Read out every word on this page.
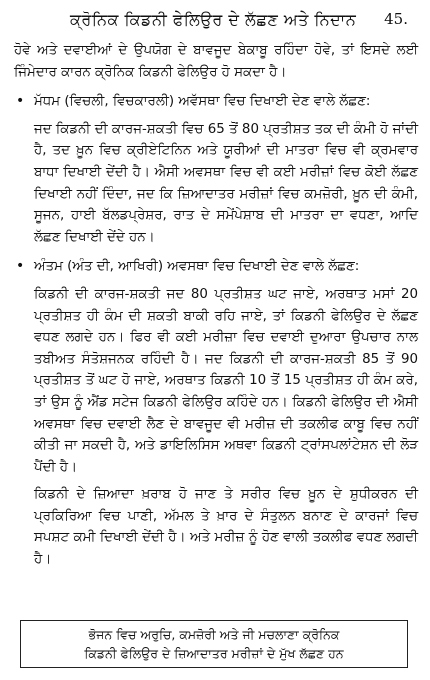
ਕ੍ਰੋਨਿਕ ਕਿਡਨੀ ਫੇਲਿਉਰ ਦੇ ਲੱਛਣ ਅਤੇ ਨਿਦਾਨ 45.

ਹੋਵੇ ਅਤੇ ਦਵਾਈਆਂ ਦੇ ਉਪਯੋਗ ਦੇ ਬਾਵਜੂਦ ਬੇਕਾਬੂ ਰਹਿੰਦਾ ਹੋਵੇ, ਤਾਂ ਇਸਦੇ ਲਈ ਜਿੰਮੇਦਾਰ ਕਾਰਨ ਕ੍ਰੋਨਿਕ ਕਿਡਨੀ ਫੇਲਿਉਰ ਹੋ ਸਕਦਾ ਹੈ।

• ਮੱਧਮ (ਵਿਚਲੀ, ਵਿਚਕਾਰਲੀ) ਅਵੱਸਥਾ ਵਿਚ ਦਿਖਾਈ ਦੇਣ ਵਾਲੇ ਲੱਛਣ:

ਜਦ ਕਿਡਨੀ ਦੀ ਕਾਰਜ-ਸ਼ਕਤੀ ਵਿਚ 65 ਤੋਂ 80 ਪ੍ਰਤੀਸ਼ਤ ਤਕ ਦੀ ਕੰਮੀ ਹੋ ਜਾਂਦੀ ਹੈ, ਤਦ ਖ਼ੂਨ ਵਿਚ ਕ੍ਰੀਏਟਿਨਿਨ ਅਤੇ ਯੂਰੀਆਂ ਦੀ ਮਾਤਰਾ ਵਿਚ ਵੀ ਕ੍ਰਮਵਾਰ ਬਾਧਾ ਦਿਖਾਈ ਦੇਂਦੀ ਹੈ। ਐਸੀ ਅਵਸਥਾ ਵਿਚ ਵੀ ਕਈ ਮਰੀਜ਼ਾਂ ਵਿਚ ਕੋਈ ਲੱਛਣ ਦਿਖਾਈ ਨਹੀਂ ਦਿੰਦਾ, ਜਦ ਕਿ ਜ਼ਿਆਦਾਤਰ ਮਰੀਜ਼ਾਂ ਵਿਚ ਕਮਜ਼ੋਰੀ, ਖ਼ੂਨ ਦੀ ਕੰਮੀ, ਸੂਜਨ, ਹਾਈ ਬੱਲਡਪ੍ਰੇਸ਼ਰ, ਰਾਤ ਦੇ ਸਮੇਂਪੇਸ਼ਾਬ ਦੀ ਮਾਤਰਾ ਦਾ ਵਧਣਾ, ਆਦਿ ਲੱਛਣ ਦਿਖਾਈ ਦੇਂਦੇ ਹਨ।

• ਅੰਤਮ (ਅੰਤ ਦੀ, ਆਖਿਰੀ) ਅਵਸਥਾ ਵਿਚ ਦਿਖਾਈ ਦੇਣ ਵਾਲੇ ਲੱਛਣ:

ਕਿਡਨੀ ਦੀ ਕਾਰਜ-ਸ਼ਕਤੀ ਜਦ 80 ਪ੍ਰਤੀਸ਼ਤ ਘਟ ਜਾਏ, ਅਰਥਾਤ ਮਸਾਂ 20 ਪ੍ਰਤੀਸ਼ਤ ਹੀ ਕੰਮ ਦੀ ਸ਼ਕਤੀ ਬਾਕੀ ਰਹਿ ਜਾਏ, ਤਾਂ ਕਿਡਨੀ ਫੇਲਿਉਰ ਦੇ ਲੱਛਣ ਵਧਣ ਲਗਦੇ ਹਨ। ਫਿਰ ਵੀ ਕਈ ਮਰੀਜ਼ਾ ਵਿਚ ਦਵਾਈ ਦੁਆਰਾ ਉਪਚਾਰ ਨਾਲ ਤਬੀਅਤ ਸੰਤੋਸ਼ਜਨਕ ਰਹਿੰਦੀ ਹੈ। ਜਦ ਕਿਡਨੀ ਦੀ ਕਾਰਜ-ਸ਼ਕਤੀ 85 ਤੋਂ 90 ਪ੍ਰਤੀਸ਼ਤ ਤੋਂ ਘਟ ਹੋ ਜਾਏ, ਅਰਥਾਤ ਕਿਡਨੀ 10 ਤੋਂ 15 ਪ੍ਰਤੀਸ਼ਤ ਹੀ ਕੰਮ ਕਰੇ, ਤਾਂ ਉਸ ਨੂੰ ਐਂਡ ਸਟੇਜ ਕਿਡਨੀ ਫੇਲਿਉਰ ਕਹਿੰਦੇ ਹਨ। ਕਿਡਨੀ ਫੇਲਿਉਰ ਦੀ ਐਸੀ ਅਵਸਥਾ ਵਿਚ ਦਵਾਈ ਲੈਣ ਦੇ ਬਾਵਜੂਦ ਵੀ ਮਰੀਜ਼ ਦੀ ਤਕਲੀਫ ਕਾਬੂ ਵਿਚ ਨਹੀਂ ਕੀਤੀ ਜਾ ਸਕਦੀ ਹੈ, ਅਤੇ ਡਾਇਲਿਸਿਸ ਅਥਵਾ ਕਿਡਨੀ ਟ੍ਰਾਂਸਪਲਾਂਟੇਸ਼ਨ ਦੀ ਲੋੜ ਪੈਂਦੀ ਹੈ।

ਕਿਡਨੀ ਦੇ ਜ਼ਿਆਦਾ ਖ਼ਰਾਬ ਹੋ ਜਾਣ ਤੇ ਸਰੀਰ ਵਿਚ ਖ਼ੂਨ ਦੇ ਸ਼ੁਧੀਕਰਨ ਦੀ ਪ੍ਰਕਿਰਿਆ ਵਿਚ ਪਾਣੀ, ਅੱਮਲ ਤੇ ਖ਼ਾਰ ਦੇ ਸੰਤੁਲਨ ਬਨਾਣ ਦੇ ਕਾਰਜਾਂ ਵਿਚ ਸਪਸ਼ਟ ਕਮੀ ਦਿਖਾਈ ਦੇਂਦੀ ਹੈ। ਅਤੇ ਮਰੀਜ਼ ਨੂੰ ਹੋਣ ਵਾਲੀ ਤਕਲੀਫ ਵਧਣ ਲਗਦੀ ਹੈ।

ਭੋਜਨ ਵਿਚ ਅਰੁਚਿ, ਕਮਜ਼ੋਰੀ ਅਤੇ ਜੀ ਮਚਲਾਣਾ ਕ੍ਰੋਨਿਕ
ਕਿਡਨੀ ਫੇਲਿਉਰ ਦੇ ਜ਼ਿਆਦਾਤਰ ਮਰੀਜ਼ਾਂ ਦੇ ਮੁੱਖ ਲੱਛਣ ਹਨ
